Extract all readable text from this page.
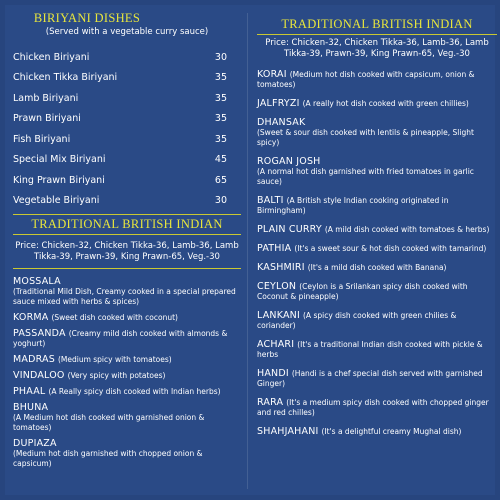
BIRIYANI DISHES
(Served with a vegetable curry sauce)
Chicken Biriyani	30
Chicken Tikka Biriyani	35
Lamb Biriyani	35
Prawn Biriyani	35
Fish Biriyani	35
Special Mix Biriyani	45
King Prawn Biriyani	65
Vegetable Biriyani	30
TRADITIONAL BRITISH INDIAN
Price: Chicken-32, Chicken Tikka-36, Lamb-36, Lamb Tikka-39, Prawn-39, King Prawn-65, Veg.-30
MOSSALA
(Traditional Mild Dish, Creamy cooked in a special prepared sauce mixed with herbs & spices)
KORMA (Sweet dish cooked with coconut)
PASSANDA (Creamy mild dish cooked with almonds & yoghurt)
MADRAS (Medium spicy with tomatoes)
VINDALOO (Very spicy with potatoes)
PHAAL (A Really spicy dish cooked with Indian herbs)
BHUNA
(A Medium hot dish cooked with garnished onion & tomatoes)
DUPIAZA
(Medium hot dish garnished with chopped onion & capsicum)
TRADITIONAL BRITISH INDIAN
Price: Chicken-32, Chicken Tikka-36, Lamb-36, Lamb Tikka-39, Prawn-39, King Prawn-65, Veg.-30
KORAI (Medium hot dish cooked with capsicum, onion & tomatoes)
JALFRYZI (A really hot dish cooked with green chillies)
DHANSAK
(Sweet & sour dish cooked with lentils & pineapple, Slight spicy)
ROGAN JOSH
(A normal hot dish garnished with fried tomatoes in garlic sauce)
BALTI (A British style Indian cooking originated in Birmingham)
PLAIN CURRY (A mild dish cooked with tomatoes & herbs)
PATHIA (It's a sweet sour & hot dish cooked with tamarind)
KASHMIRI (It's a mild dish cooked with Banana)
CEYLON (Ceylon is a Srilankan spicy dish cooked with Coconut & pineapple)
LANKANI (A spicy dish cooked with green chilies & coriander)
ACHARI (It's a traditional Indian dish cooked with pickle & herbs
HANDI (Handi is a chef special dish served with garnished Ginger)
RARA (It's a medium spicy dish cooked with chopped ginger and red chilles)
SHAHJAHANI (It's a delightful creamy Mughal dish)
